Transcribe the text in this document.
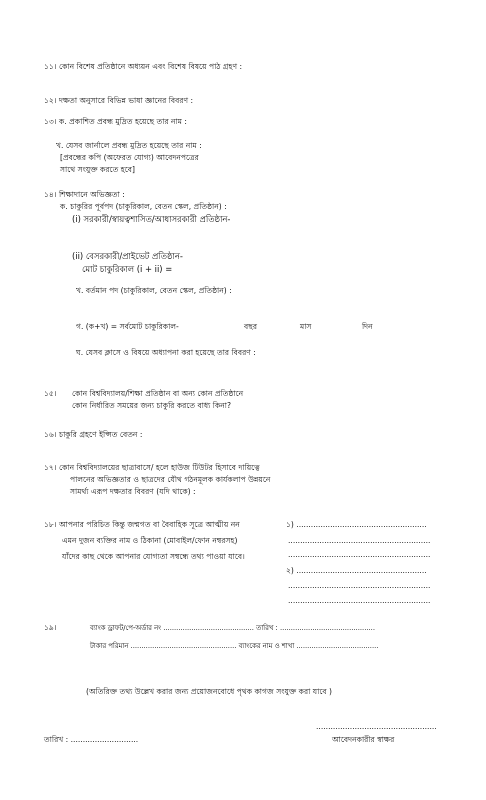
১১। কোন বিশেষ প্রতিষ্ঠানে অধ্যয়ন এবং বিশেষ বিষয়ে পাঠ গ্রহণ :
১২। দক্ষতা অনুসারে বিভিন্ন ভাষা জ্ঞানের বিবরণ :
১৩। ক. প্রকাশিত প্রবন্ধ মুদ্রিত হয়েছে তার নাম :
খ. যেসব জার্নালে প্রবন্ধ মুদ্রিত হয়েছে তার নাম :
[প্রবন্ধের কপি (অফেরত যোগ্য) আবেদনপত্রের
সাথে সংযুক্ত করতে হবে]
১৪। শিক্ষাদানে অভিজ্ঞতা :
ক. চাকুরির পূর্বপদ (চাকুরিকাল, বেতন স্কেল, প্রতিষ্ঠান) :
(i) সরকারী/স্বায়ত্বশাসিত/আধাসরকারী প্রতিষ্ঠান-
(ii) বেসরকারী/প্রাইভেট প্রতিষ্ঠান-
মোট চাকুরিকাল (i + ii) =
খ. বর্তমান পদ (চাকুরিকাল, বেতন স্কেল, প্রতিষ্ঠান) :
গ. (ক+খ) = সর্বমোট চাকুরিকাল-	বছর	মাস	দিন
ঘ. যেসব ক্লাসে ও বিষয়ে অধ্যাপনা করা হয়েছে তার বিবরণ :
১৫। কোন বিশ্ববিদ্যালয়/শিক্ষা প্রতিষ্ঠান বা অন্য কোন প্রতিষ্ঠানে
কোন নির্ধারিত সময়ের জন্য চাকুরি করতে বাধ্য কিনা?
১৬। চাকুরি গ্রহণে ইপ্সিত বেতন :
১৭। কোন বিশ্ববিদ্যালয়ের ছাত্রাবাসে/ হলে হাউজ টিউটর হিসাবে দায়িত্বে
পালনের অভিজ্ঞতার ও ছাত্রদের যৌথ গঠনমূলক কার্যকলাপ উন্নয়নে
সামর্থ্য এরূপ দক্ষতার বিবরণ (যদি থাকে) :
১৮। আপনার পরিচিত কিন্তু জন্মগত বা বৈবাহিক সূত্রে আত্মীয় নন
এমন দুজন ব্যক্তির নাম ও ঠিকানা (মোবাইল/ফোন নম্বরসহ)
যাঁদের কাছ থেকে আপনার যোগ্যতা সম্বন্ধে তথ্য পাওয়া যাবে।
১) ......................................................
...........................................................
...........................................................
২) ......................................................
...........................................................
...........................................................
১৯।	ব্যাংক ড্রাফট/পে-অর্ডার নং .......................................... তারিখ : ............................................
টাকার পরিমান ................................................. ব্যাংকের নাম ও শাখা ......................................
(অতিরিক্ত তথ্য উল্লেখ করার জন্য প্রয়োজনবোধে পৃথক কাগজ সংযুক্ত করা যাবে )
..................................................
তারিখ : ............................	আবেদনকারীর স্বাক্ষর
